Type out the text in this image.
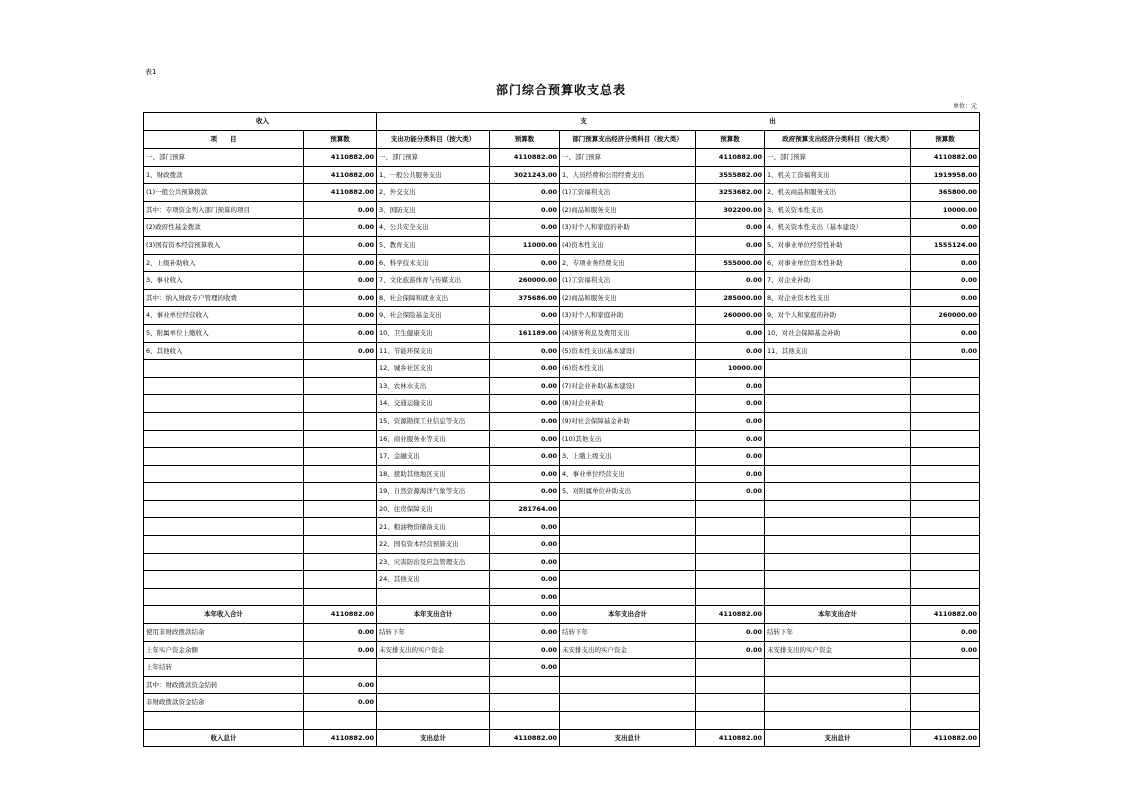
表1
部门综合预算收支总表
单位：元
收 入		支 出					

项　　目	预算数	支出功能分类科目（按大类）	预算数	部门预算支出经济分类科目（按大类）	预算数	政府预算支出经济分类科目（按大类）	预算数
一、部门预算	4110882.00	一、部门预算	4110882.00	一、部门预算	4110882.00	一、部门预算	4110882.00
1、财政拨款	4110882.00	1、一般公共服务支出	3021243.00	1、人员经费和公用经费支出	3555882.00	1、机关工资福利支出	1919958.00
(1)一般公共预算拨款	4110882.00	2、外交支出	0.00	(1)工资福利支出	3253682.00	2、机关商品和服务支出	365800.00
其中：专项资金列入部门预算的项目	0.00	3、国防支出	0.00	(2)商品和服务支出	302200.00	3、机关资本性支出	10000.00
(2)政府性基金拨款	0.00	4、公共安全支出	0.00	(3)对个人和家庭的补助	0.00	4、机关资本性支出（基本建设）	0.00
(3)国有资本经营预算收入	0.00	5、教育支出	11000.00	(4)资本性支出	0.00	5、对事业单位经常性补助	1555124.00
2、上级补助收入	0.00	6、科学技术支出	0.00	2、专项业务经费支出	555000.00	6、对事业单位资本性补助	0.00
3、事业收入	0.00	7、文化旅游体育与传媒支出	260000.00	(1)工资福利支出	0.00	7、对企业补助	0.00
其中：纳入财政专户管理的收费	0.00	8、社会保障和就业支出	375686.00	(2)商品和服务支出	285000.00	8、对企业资本性支出	0.00
4、事业单位经营收入	0.00	9、社会保险基金支出	0.00	(3)对个人和家庭补助	260000.00	9、对个人和家庭的补助	260000.00
5、附属单位上缴收入	0.00	10、卫生健康支出	161189.00	(4)债务利息及费用支出	0.00	10、对社会保障基金补助	0.00
6、其他收入	0.00	11、节能环保支出	0.00	(5)资本性支出(基本建设)	0.00	11、其他支出	0.00
		12、城乡社区支出	0.00	(6)资本性支出	10000.00		
		13、农林水支出	0.00	(7)对企业补助(基本建设)	0.00		
		14、交通运输支出	0.00	(8)对企业补助	0.00		
		15、资源勘探工业信息等支出	0.00	(9)对社会保障基金补助	0.00		
		16、商业服务业等支出	0.00	(10)其他支出	0.00		
		17、金融支出	0.00	3、上缴上级支出	0.00		
		18、援助其他地区支出	0.00	4、事业单位经营支出	0.00		
		19、自然资源海洋气象等支出	0.00	5、对附属单位补助支出	0.00		
		20、住房保障支出	281764.00				
		21、粮油物资储备支出	0.00				
		22、国有资本经营预算支出	0.00				
		23、灾害防治及应急管理支出	0.00				
		24、其他支出	0.00				
			0.00				
本年收入合计	4110882.00	本年支出合计	0.00	本年支出合计	4110882.00	本年支出合计	4110882.00
使用非财政拨款结余	0.00	结转下年	0.00	结转下年	0.00	结转下年	0.00
上年实户资金余额	0.00	未安排支出的实户资金	0.00	未安排支出的实户资金	0.00	未安排支出的实户资金	0.00
上年结转			0.00				
其中：财政拨款资金结转	0.00						
非财政拨款资金结余	0.00						

收入总计	4110882.00	支出总计	4110882.00	支出总计	4110882.00	支出总计	4110882.00
